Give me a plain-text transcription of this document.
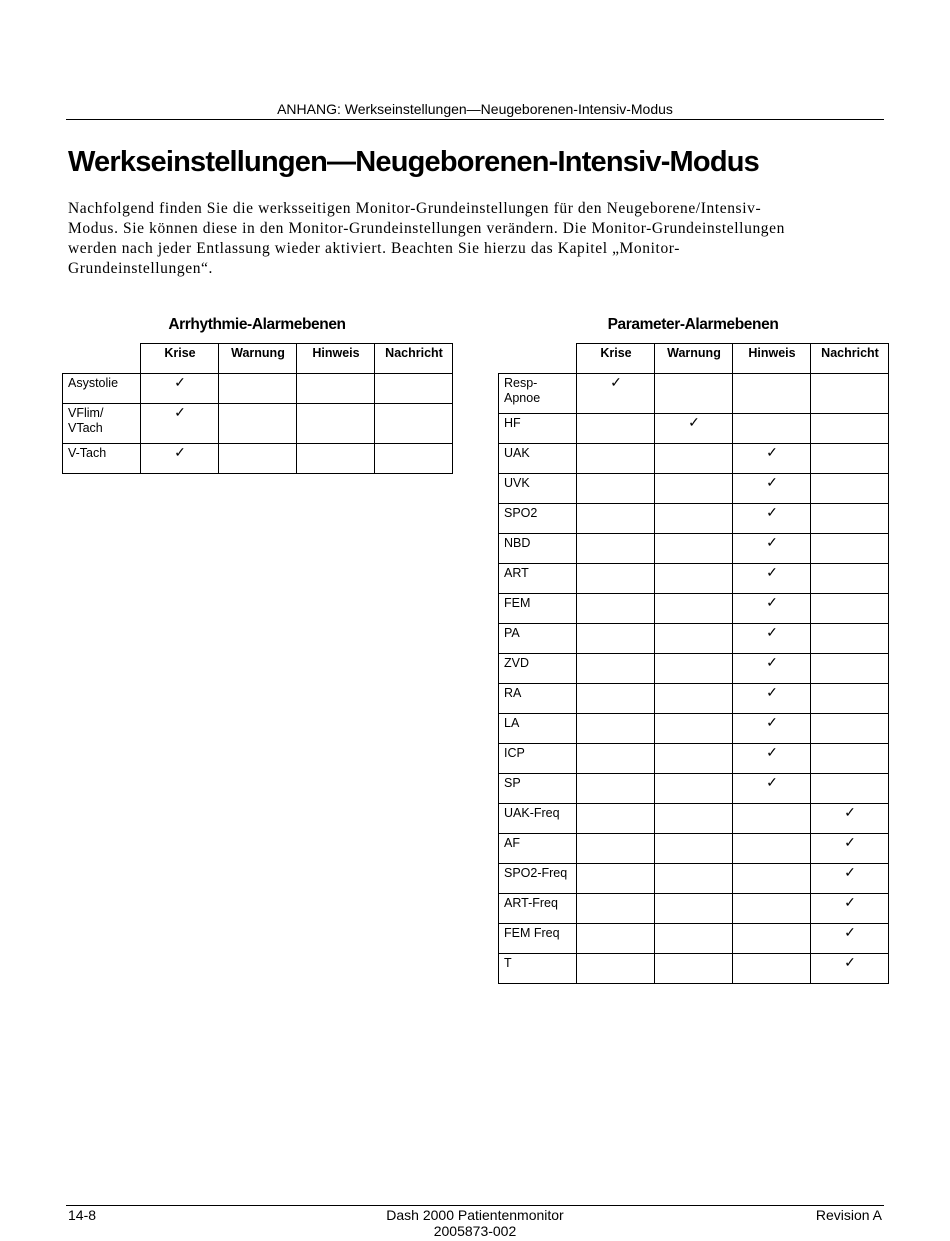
ANHANG: Werkseinstellungen—Neugeborenen-Intensiv-Modus
Werkseinstellungen—Neugeborenen-Intensiv-Modus

Nachfolgend finden Sie die werksseitigen Monitor-Grundeinstellungen für den Neugeborene/Intensiv-
Modus. Sie können diese in den Monitor-Grundeinstellungen verändern. Die Monitor-Grundeinstellungen
werden nach jeder Entlassung wieder aktiviert. Beachten Sie hierzu das Kapitel „Monitor-
Grundeinstellungen“.

Arrhythmie-Alarmebenen
	Krise	Warnung	Hinweis	Nachricht
Asystolie	✓			
VFlim/
VTach	✓			
V-Tach	✓			
Parameter-Alarmebenen
	Krise	Warnung	Hinweis	Nachricht
Resp-
Apnoe	✓			
HF		✓		
UAK			✓	
UVK			✓	
SPO2			✓	
NBD			✓	
ART			✓	
FEM			✓	
PA			✓	
ZVD			✓	
RA			✓	
LA			✓	
ICP			✓	
SP			✓	
UAK-Freq				✓
AF				✓
SPO2-Freq				✓
ART-Freq				✓
FEM Freq				✓
T				✓
14-8	Dash 2000 Patientenmonitor
2005873-002
Revision A
